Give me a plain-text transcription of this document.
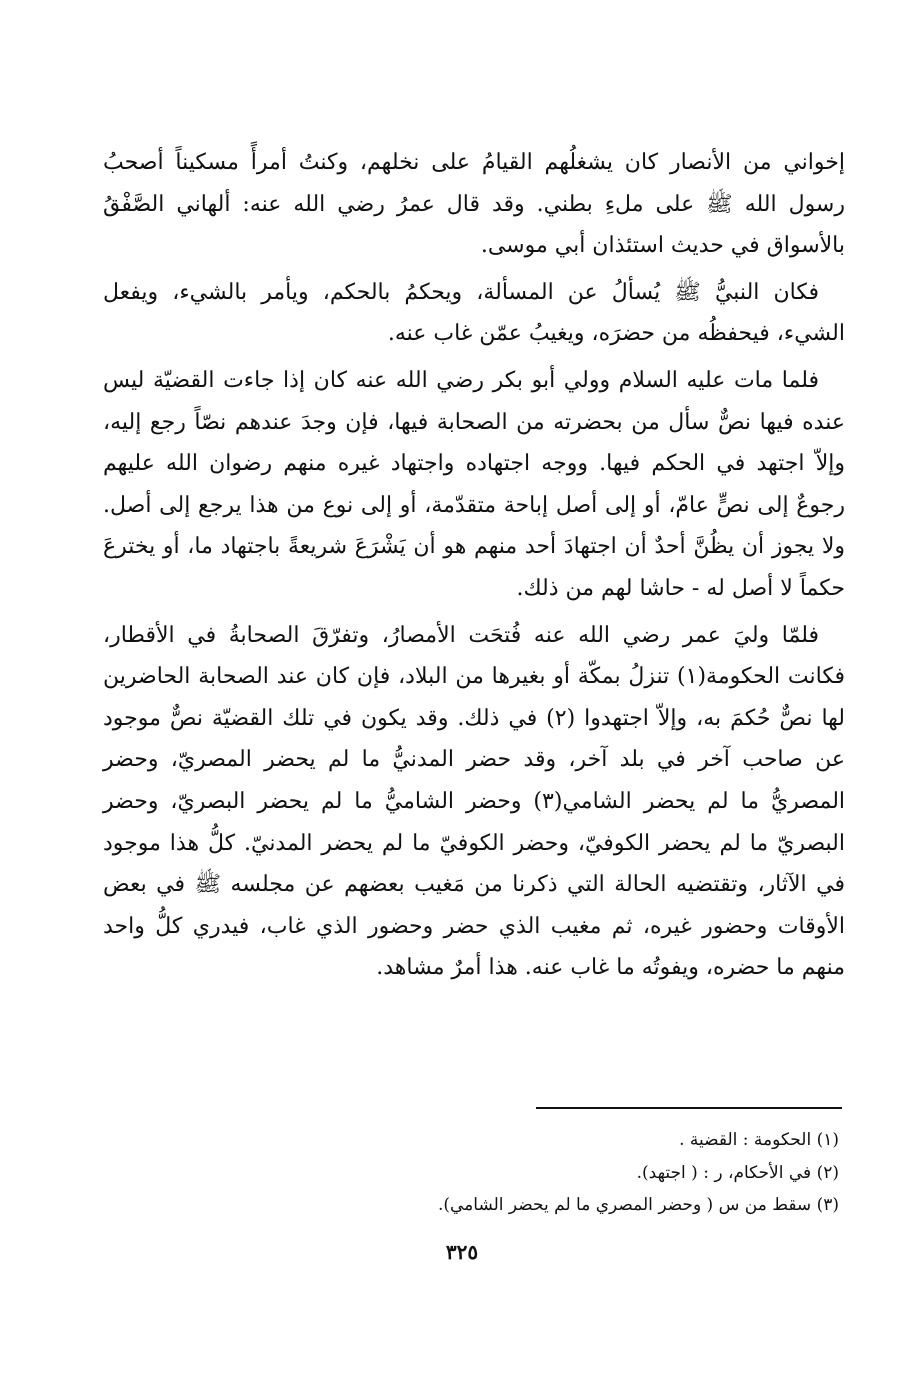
إخواني من الأنصار كان يشغلُهم القيامُ على نخلهم، وكنتُ أمرأً مسكيناً أصحبُ رسول الله ﷺ على ملءِ بطني. وقد قال عمرُ رضي الله عنه: ألهاني الصَّفْقُ بالأسواق في حديث استئذان أبي موسى.

فكان النبيُّ ﷺ يُسألُ عن المسألة، ويحكمُ بالحكم، ويأمر بالشيء، ويفعل الشيء، فيحفظُه من حضرَه، ويغيبُ عمّن غاب عنه.

فلما مات عليه السلام وولي أبو بكر رضي الله عنه كان إذا جاءت القضيّة ليس عنده فيها نصٌّ سأل من بحضرته من الصحابة فيها، فإن وجدَ عندهم نصّاً رجع إليه، وإلاّ اجتهد في الحكم فيها. ووجه اجتهاده واجتهاد غيره منهم رضوان الله عليهم رجوعٌ إلى نصٍّ عامّ، أو إلى أصل إباحة متقدّمة، أو إلى نوع من هذا يرجع إلى أصل. ولا يجوز أن يظُنَّ أحدٌ أن اجتهادَ أحد منهم هو أن يَشْرَعَ شريعةً باجتهاد ما، أو يخترعَ حكماً لا أصل له - حاشا لهم من ذلك.

فلمّا وليَ عمر رضي الله عنه فُتحَت الأمصارُ، وتفرّقَ الصحابةُ في الأقطار، فكانت الحكومة(١) تنزلُ بمكّة أو بغيرها من البلاد، فإن كان عند الصحابة الحاضرين لها نصٌّ حُكمَ به، وإلاّ اجتهدوا (٢) في ذلك. وقد يكون في تلك القضيّة نصٌّ موجود عن صاحب آخر في بلد آخر، وقد حضر المدنيُّ ما لم يحضر المصريّ، وحضر المصريُّ ما لم يحضر الشامي(٣) وحضر الشاميُّ ما لم يحضر البصريّ، وحضر البصريّ ما لم يحضر الكوفيّ، وحضر الكوفيّ ما لم يحضر المدنيّ. كلُّ هذا موجود في الآثار، وتقتضيه الحالة التي ذكرنا من مَغيب بعضهم عن مجلسه ﷺ في بعض الأوقات وحضور غيره، ثم مغيب الذي حضر وحضور الذي غاب، فيدري كلُّ واحد منهم ما حضره، ويفوتُه ما غاب عنه. هذا أمرٌ مشاهد.

(١) الحكومة : القضية .

(٢) في الأحكام، ر : ( اجتهد).

(٣) سقط من س ( وحضر المصري ما لم يحضر الشامي).

٣٢٥
